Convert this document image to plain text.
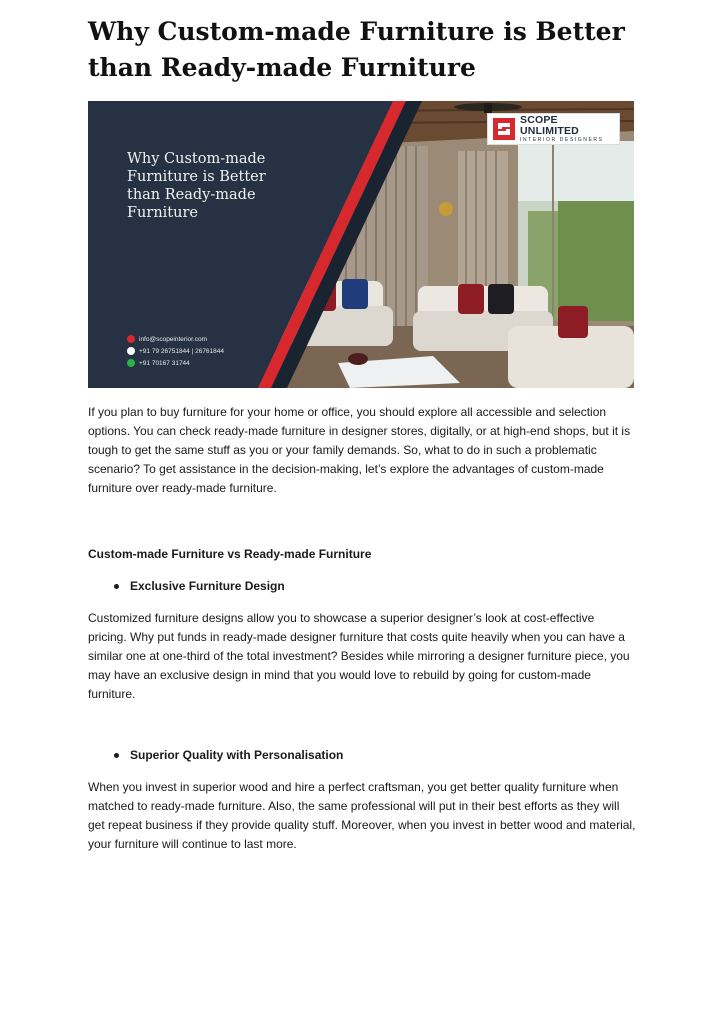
Why Custom-made Furniture is Better than Ready-made Furniture
Why Custom-made Furniture is Better than Ready-made Furniture
info@scopeinterior.com
+91 79 26751844 | 26761844
+91 70167 31744
SCOPE UNLIMITED
INTERIOR DESIGNERS

If you plan to buy furniture for your home or office, you should explore all accessible and selection options. You can check ready-made furniture in designer stores, digitally, or at high-end shops, but it is tough to get the same stuff as you or your family demands. So, what to do in such a problematic scenario? To get assistance in the decision-making, let’s explore the advantages of custom-made furniture over ready-made furniture.

Custom-made Furniture vs Ready-made Furniture
Exclusive Furniture Design

Customized furniture designs allow you to showcase a superior designer’s look at cost-effective pricing. Why put funds in ready-made designer furniture that costs quite heavily when you can have a similar one at one-third of the total investment? Besides while mirroring a designer furniture piece, you may have an exclusive design in mind that you would love to rebuild by going for custom-made furniture.

Superior Quality with Personalisation

When you invest in superior wood and hire a perfect craftsman, you get better quality furniture when matched to ready-made furniture. Also, the same professional will put in their best efforts as they will get repeat business if they provide quality stuff. Moreover, when you invest in better wood and material, your furniture will continue to last more.
